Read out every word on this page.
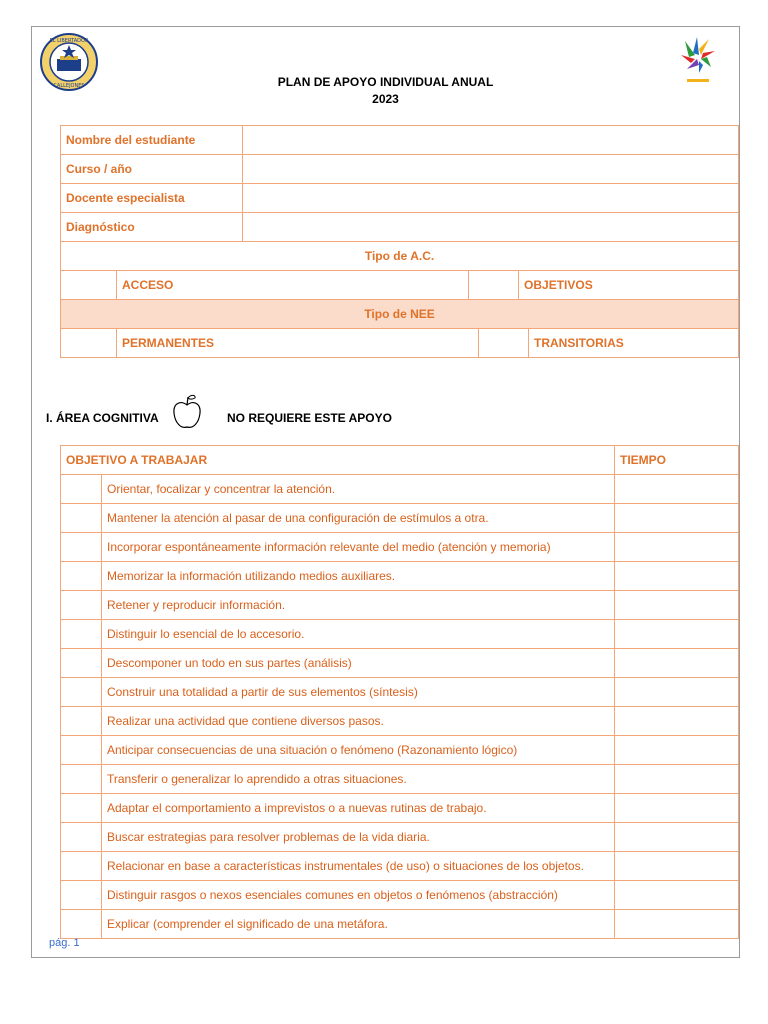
EL LIBERTADOR
CALLEJONES	PLAN DE APOYO INDIVIDUAL ANUAL
2023
Nombre del estudiante						
Curso / año						
Docente especialista						
Diagnóstico						
Tipo de A.C.						
	ACCESO				OBJETIVOS	
Tipo de NEE						
	PERMANENTES					TRANSITORIAS
I. ÁREA COGNITIVA	NO REQUIERE ESTE APOYO
OBJETIVO A TRABAJAR		TIEMPO
	Orientar, focalizar y concentrar la atención.	
	Mantener la atención al pasar de una configuración de estímulos a otra.	
	Incorporar espontáneamente información relevante del medio (atención y memoria)	
	Memorizar la información utilizando medios auxiliares.	
	Retener y reproducir información.	
	Distinguir lo esencial de lo accesorio.	
	Descomponer un todo en sus partes (análisis)	
	Construir una totalidad a partir de sus elementos (síntesis)	
	Realizar una actividad que contiene diversos pasos.	
	Anticipar consecuencias de una situación o fenómeno (Razonamiento lógico)	
	Transferir o generalizar lo aprendido a otras situaciones.	
	Adaptar el comportamiento a imprevistos o a nuevas rutinas de trabajo.	
	Buscar estrategias para resolver problemas de la vida diaria.	
	Relacionar en base a características instrumentales (de uso) o situaciones de los objetos.	
	Distinguir rasgos o nexos esenciales comunes en objetos o fenómenos (abstracción)	
	Explicar (comprender el significado de una metáfora.	
pág. 1
